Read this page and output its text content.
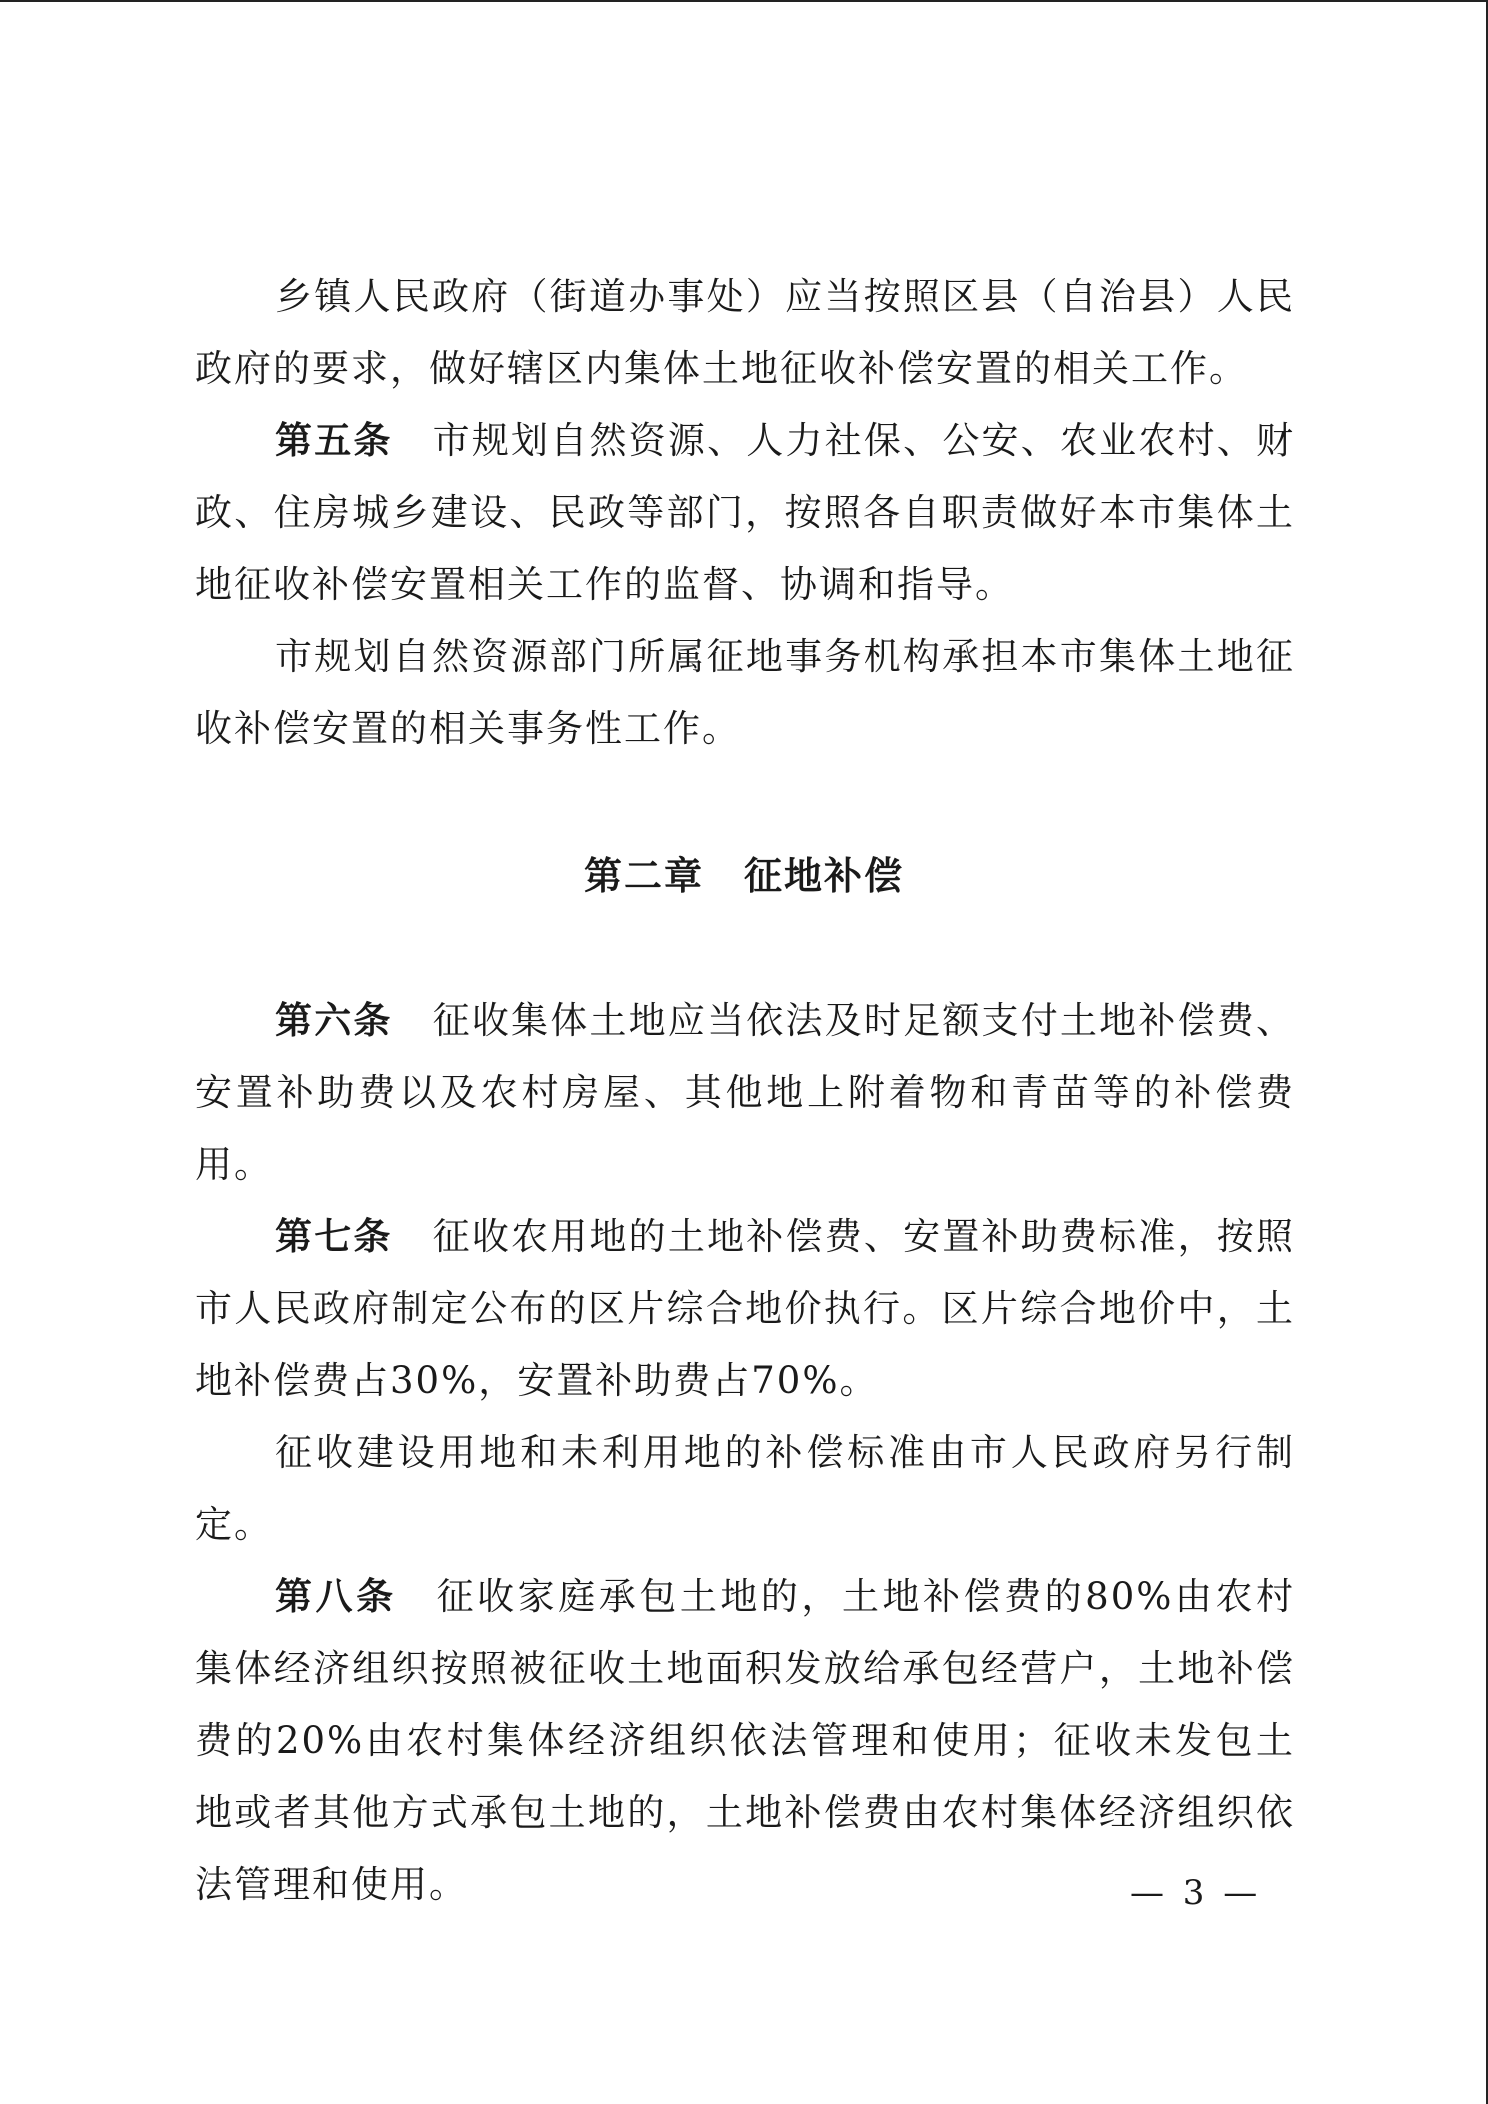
乡镇人民政府（街道办事处）应当按照区县（自治县）人民政府的要求，做好辖区内集体土地征收补偿安置的相关工作。

第五条 市规划自然资源、人力社保、公安、农业农村、财政、住房城乡建设、民政等部门，按照各自职责做好本市集体土地征收补偿安置相关工作的监督、协调和指导。

市规划自然资源部门所属征地事务机构承担本市集体土地征收补偿安置的相关事务性工作。

第二章　征地补偿

第六条 征收集体土地应当依法及时足额支付土地补偿费、安置补助费以及农村房屋、其他地上附着物和青苗等的补偿费用。

第七条 征收农用地的土地补偿费、安置补助费标准，按照市人民政府制定公布的区片综合地价执行。区片综合地价中，土地补偿费占30%，安置补助费占70%。

征收建设用地和未利用地的补偿标准由市人民政府另行制定。

第八条 征收家庭承包土地的，土地补偿费的80%由农村集体经济组织按照被征收土地面积发放给承包经营户，土地补偿费的20%由农村集体经济组织依法管理和使用；征收未发包土地或者其他方式承包土地的，土地补偿费由农村集体经济组织依法管理和使用。	— 3 —
